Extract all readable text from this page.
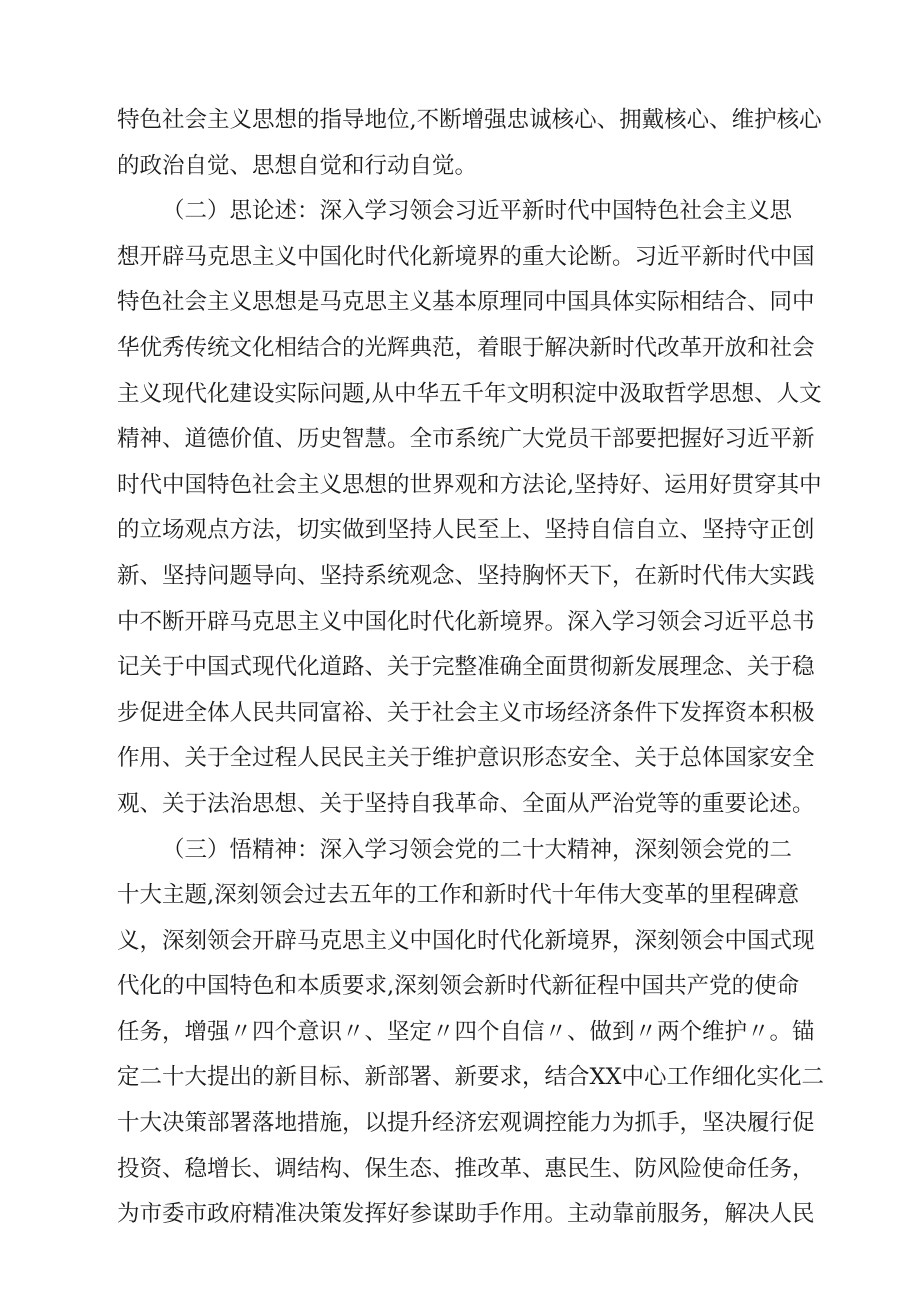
特色社会主义思想的指导地位,不断增强忠诚核心、拥戴核心、维护核心
的政治自觉、思想自觉和行动自觉。
（二）思论述：深入学习领会习近平新时代中国特色社会主义思
想开辟马克思主义中国化时代化新境界的重大论断。习近平新时代中国
特色社会主义思想是马克思主义基本原理同中国具体实际相结合、同中
华优秀传统文化相结合的光辉典范，着眼于解决新时代改革开放和社会
主义现代化建设实际问题,从中华五千年文明积淀中汲取哲学思想、人文
精神、道德价值、历史智慧。全市系统广大党员干部要把握好习近平新
时代中国特色社会主义思想的世界观和方法论,坚持好、运用好贯穿其中
的立场观点方法，切实做到坚持人民至上、坚持自信自立、坚持守正创
新、坚持问题导向、坚持系统观念、坚持胸怀天下，在新时代伟大实践
中不断开辟马克思主义中国化时代化新境界。深入学习领会习近平总书
记关于中国式现代化道路、关于完整准确全面贯彻新发展理念、关于稳
步促进全体人民共同富裕、关于社会主义市场经济条件下发挥资本积极
作用、关于全过程人民民主关于维护意识形态安全、关于总体国家安全
观、关于法治思想、关于坚持自我革命、全面从严治党等的重要论述。
（三）悟精神：深入学习领会党的二十大精神，深刻领会党的二
十大主题,深刻领会过去五年的工作和新时代十年伟大变革的里程碑意
义，深刻领会开辟马克思主义中国化时代化新境界，深刻领会中国式现
代化的中国特色和本质要求,深刻领会新时代新征程中国共产党的使命
任务，增强〃四个意识〃、坚定〃四个自信〃、做到〃两个维护〃。锚
定二十大提出的新目标、新部署、新要求，结合XX中心工作细化实化二
十大决策部署落地措施，以提升经济宏观调控能力为抓手，坚决履行促
投资、稳增长、调结构、保生态、推改革、惠民生、防风险使命任务，
为市委市政府精准决策发挥好参谋助手作用。主动靠前服务，解决人民
